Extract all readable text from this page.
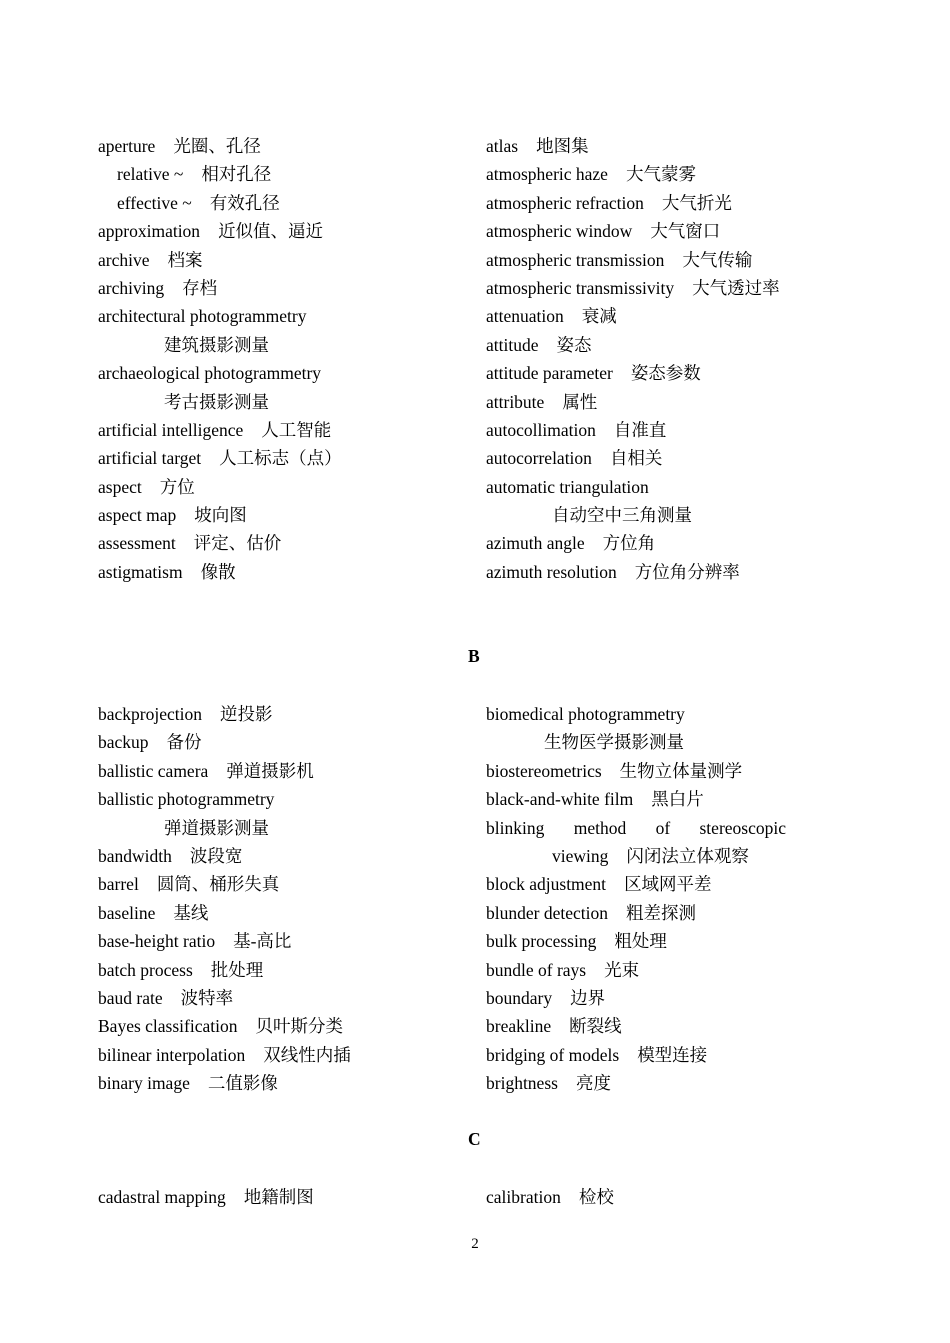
aperture 光圈、孔径
relative ~ 相对孔径
effective ~ 有效孔径
approximation 近似值、逼近
archive 档案
archiving 存档
architectural photogrammetry
建筑摄影测量
archaeological photogrammetry
考古摄影测量
artificial intelligence 人工智能
artificial target 人工标志（点）
aspect 方位
aspect map 坡向图
assessment 评定、估价
astigmatism 像散
atlas 地图集
atmospheric haze 大气蒙雾
atmospheric refraction 大气折光
atmospheric window 大气窗口
atmospheric transmission 大气传输
atmospheric transmissivity 大气透过率
attenuation 衰减
attitude 姿态
attitude parameter 姿态参数
attribute 属性
autocollimation 自准直
autocorrelation 自相关
automatic triangulation
自动空中三角测量
azimuth angle 方位角
azimuth resolution 方位角分辨率
B
backprojection 逆投影
backup 备份
ballistic camera 弹道摄影机
ballistic photogrammetry
弹道摄影测量
bandwidth 波段宽
barrel 圆筒、桶形失真
baseline 基线
base-height ratio 基-高比
batch process 批处理
baud rate 波特率
Bayes classification 贝叶斯分类
bilinear interpolation 双线性内插
binary image 二值影像
biomedical photogrammetry
生物医学摄影测量
biostereometrics 生物立体量测学
black-and-white film 黑白片
blinking method of stereoscopic
viewing 闪闭法立体观察
block adjustment 区域网平差
blunder detection 粗差探测
bulk processing 粗处理
bundle of rays 光束
boundary 边界
breakline 断裂线
bridging of models 模型连接
brightness 亮度
C
cadastral mapping 地籍制图	calibration 检校
2
